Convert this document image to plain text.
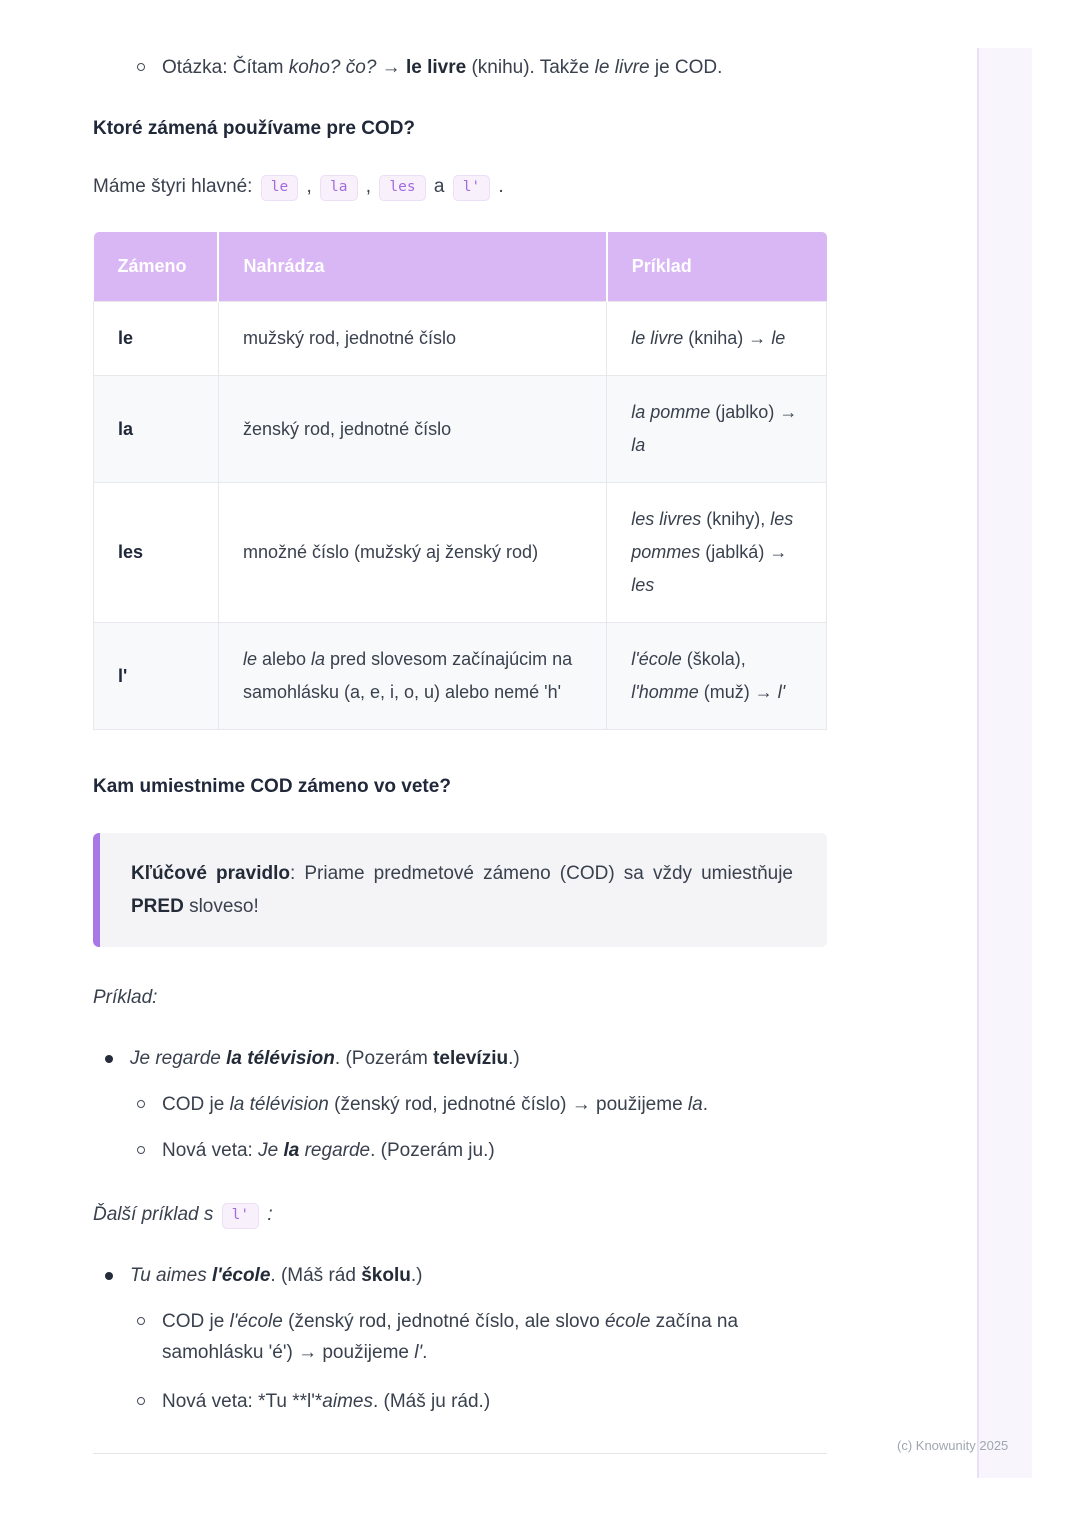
Otázka: Čítam koho? čo? → le livre (knihu). Takže le livre je COD.
Ktoré zámená používame pre COD?
Máme štyri hlavné: le , la , les a l' .
Zámeno	Nahrádza	Príklad
le	mužský rod, jednotné číslo	le livre (kniha) → le
la	ženský rod, jednotné číslo	la pomme (jablko) → la
les	množné číslo (mužský aj ženský rod)	les livres (knihy), les pommes (jablká) → les
l'	le alebo la pred slovesom začínajúcim na samohlásku (a, e, i, o, u) alebo nemé 'h'	l'école (škola), l'homme (muž) → l'
Kam umiestnime COD zámeno vo vete?
Kľúčové pravidlo: Priame predmetové zámeno (COD) sa vždy umiestňuje PRED sloveso!
Príklad:
Je regarde la télévision. (Pozerám televíziu.)
COD je la télévision (ženský rod, jednotné číslo) → použijeme la.
Nová veta: Je la regarde. (Pozerám ju.)
Ďalší príklad s l' :
Tu aimes l'école. (Máš rád školu.)
COD je l'école (ženský rod, jednotné číslo, ale slovo école začína na samohlásku 'é') → použijeme l'.
Nová veta: *Tu **l'*aimes. (Máš ju rád.)
(c) Knowunity 2025
